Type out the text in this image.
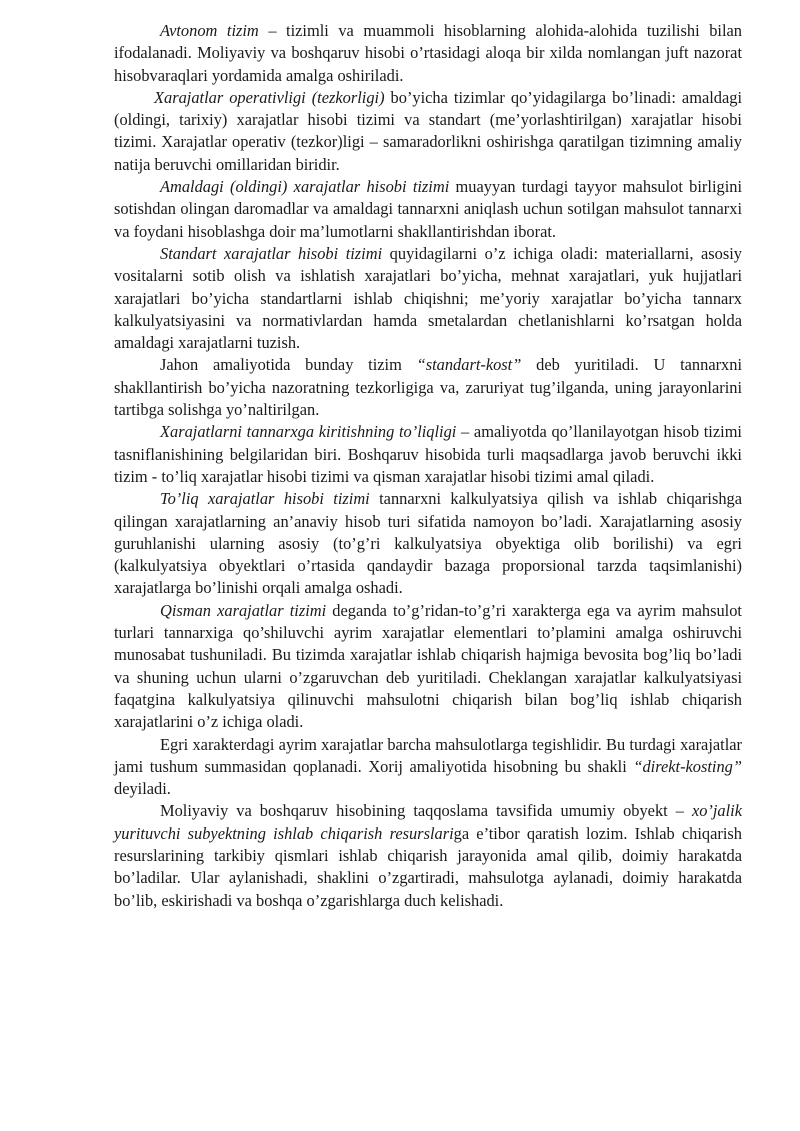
Avtonom tizim – tizimli va muammoli hisoblarning alohida-alohida tuzilishi bilan ifodalanadi. Moliyaviy va boshqaruv hisobi o’rtasidagi aloqa bir xilda nomlangan juft nazorat hisobvaraqlari yordamida amalga oshiriladi.

Xarajatlar operativligi (tezkorligi) bo’yicha tizimlar qo’yidagilarga bo’linadi: amaldagi (oldingi, tarixiy) xarajatlar hisobi tizimi va standart (me’yorlashtirilgan) xarajatlar hisobi tizimi. Xarajatlar operativ (tezkor)ligi – samaradorlikni oshirishga qaratilgan tizimning amaliy natija beruvchi omillaridan biridir.

Amaldagi (oldingi) xarajatlar hisobi tizimi muayyan turdagi tayyor mahsulot birligini sotishdan olingan daromadlar va amaldagi tannarxni aniqlash uchun sotilgan mahsulot tannarxi va foydani hisoblashga doir ma’lumotlarni shakllantirishdan iborat.

Standart xarajatlar hisobi tizimi quyidagilarni o’z ichiga oladi: materiallarni, asosiy vositalarni sotib olish va ishlatish xarajatlari bo’yicha, mehnat xarajatlari, yuk hujjatlari xarajatlari bo’yicha standartlarni ishlab chiqishni; me’yoriy xarajatlar bo’yicha tannarx kalkulyatsiyasini va normativlardan hamda smetalardan chetlanishlarni ko’rsatgan holda amaldagi xarajatlarni tuzish.

Jahon amaliyotida bunday tizim “standart-kost” deb yuritiladi. U tannarxni shakllantirish bo’yicha nazoratning tezkorligiga va, zaruriyat tug’ilganda, uning jarayonlarini tartibga solishga yo’naltirilgan.

Xarajatlarni tannarxga kiritishning to’liqligi – amaliyotda qo’llanilayotgan hisob tizimi tasniflanishining belgilaridan biri. Boshqaruv hisobida turli maqsadlarga javob beruvchi ikki tizim - to’liq xarajatlar hisobi tizimi va qisman xarajatlar hisobi tizimi amal qiladi.

To’liq xarajatlar hisobi tizimi tannarxni kalkulyatsiya qilish va ishlab chiqarishga qilingan xarajatlarning an’anaviy hisob turi sifatida namoyon bo’ladi. Xarajatlarning asosiy guruhlanishi ularning asosiy (to’g’ri kalkulyatsiya obyektiga olib borilishi) va egri (kalkulyatsiya obyektlari o’rtasida qandaydir bazaga proporsional tarzda taqsimlanishi) xarajatlarga bo’linishi orqali amalga oshadi.

Qisman xarajatlar tizimi deganda to’g’ridan-to’g’ri xarakterga ega va ayrim mahsulot turlari tannarxiga qo’shiluvchi ayrim xarajatlar elementlari to’plamini amalga oshiruvchi munosabat tushuniladi. Bu tizimda xarajatlar ishlab chiqarish hajmiga bevosita bog’liq bo’ladi va shuning uchun ularni o’zgaruvchan deb yuritiladi. Cheklangan xarajatlar kalkulyatsiyasi faqatgina kalkulyatsiya qilinuvchi mahsulotni chiqarish bilan bog’liq ishlab chiqarish xarajatlarini o’z ichiga oladi.

Egri xarakterdagi ayrim xarajatlar barcha mahsulotlarga tegishlidir. Bu turdagi xarajatlar jami tushum summasidan qoplanadi. Xorij amaliyotida hisobning bu shakli “direkt-kosting” deyiladi.

Moliyaviy va boshqaruv hisobining taqqoslama tavsifida umumiy obyekt – xo’jalik yurituvchi subyektning ishlab chiqarish resurslariga e’tibor qaratish lozim. Ishlab chiqarish resurslarining tarkibiy qismlari ishlab chiqarish jarayonida amal qilib, doimiy harakatda bo’ladilar. Ular aylanishadi, shaklini o’zgartiradi, mahsulotga aylanadi, doimiy harakatda bo’lib, eskirishadi va boshqa o’zgarishlarga duch kelishadi.
